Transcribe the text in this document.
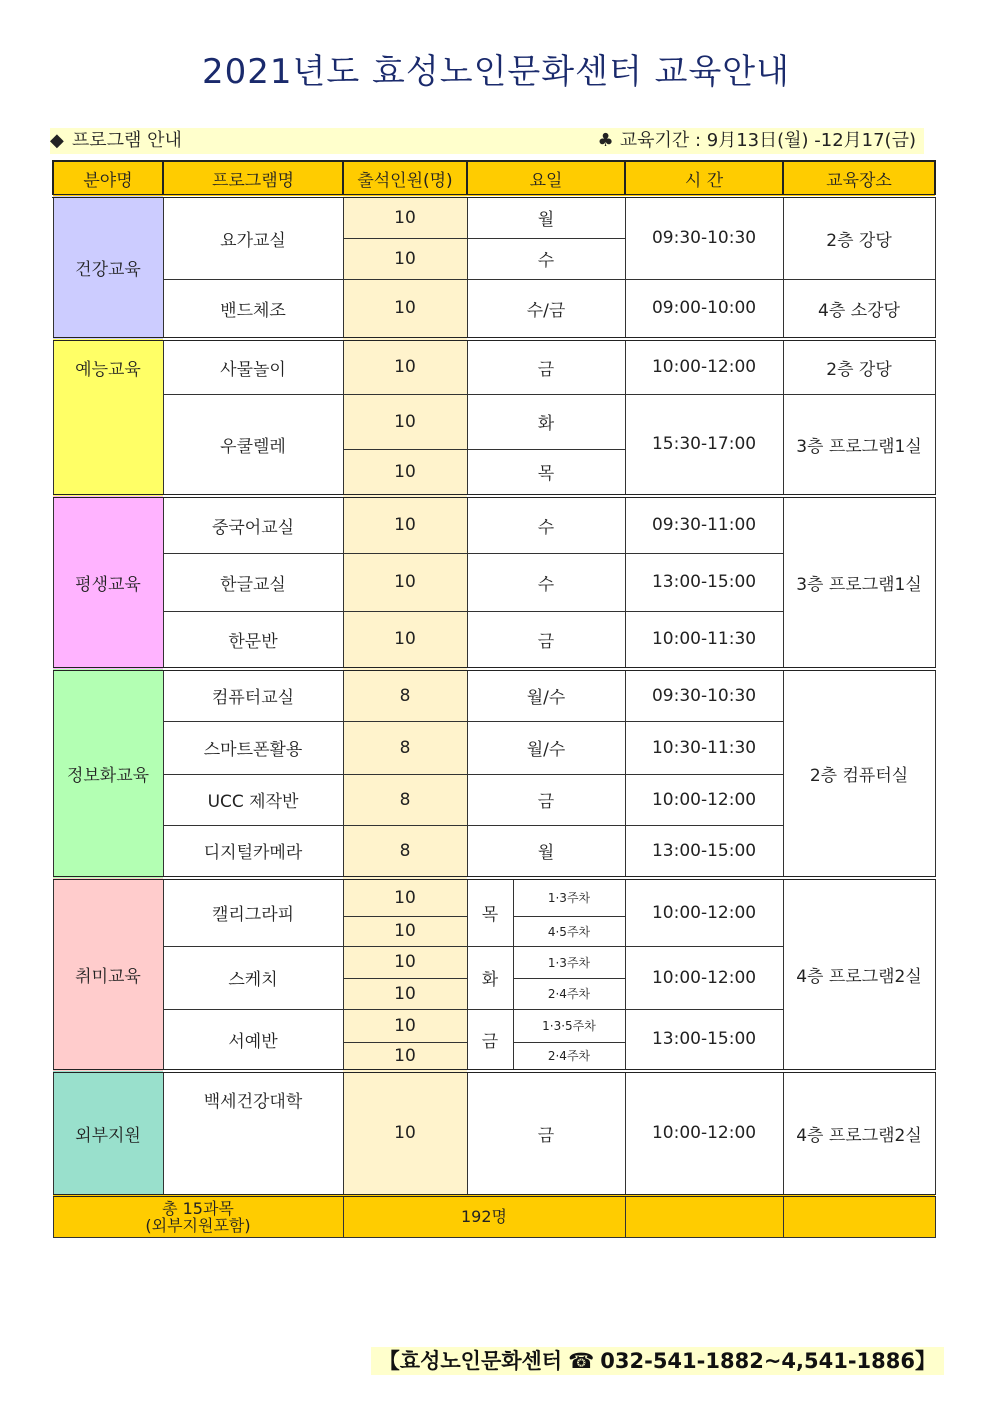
2021년도 효성노인문화센터 교육안내
◆ 프로그램 안내	♣ 교육기간 : 9月13日(월) -12月17(금)
분야명	프로그램명	출석인원(명)	요일		시 간	교육장소
건강교육	요가교실	10	월		09:30-10:30	2층 강당
		10	수			
	밴드체조	10	수/금		09:00-10:00	4층 소강당
예능교육	사물놀이	10	금		10:00-12:00	2층 강당
	우쿨렐레	10	화		15:30-17:00	3층 프로그램1실
		10	목			
평생교육	중국어교실	10	수		09:30-11:00	3층 프로그램1실
	한글교실	10	수		13:00-15:00	
	한문반	10	금		10:00-11:30	
정보화교육	컴퓨터교실	8	월/수		09:30-10:30	2층 컴퓨터실
	스마트폰활용	8	월/수		10:30-11:30	
	UCC 제작반	8	금		10:00-12:00	
	디지털카메라	8	월		13:00-15:00	
취미교육	캘리그라피	10	목	1·3주차	10:00-12:00	4층 프로그램2실
		10		4·5주차		
	스케치	10	화	1·3주차	10:00-12:00	
		10		2·4주차		
	서예반	10	금	1·3·5주차	13:00-15:00	
		10		2·4주차		
외부지원	백세건강대학	10	금		10:00-12:00	4층 프로그램2실

총 15과목
(외부지원포함)		192명				
【효성노인문화센터 ☎ 032-541-1882~4,541-1886】
